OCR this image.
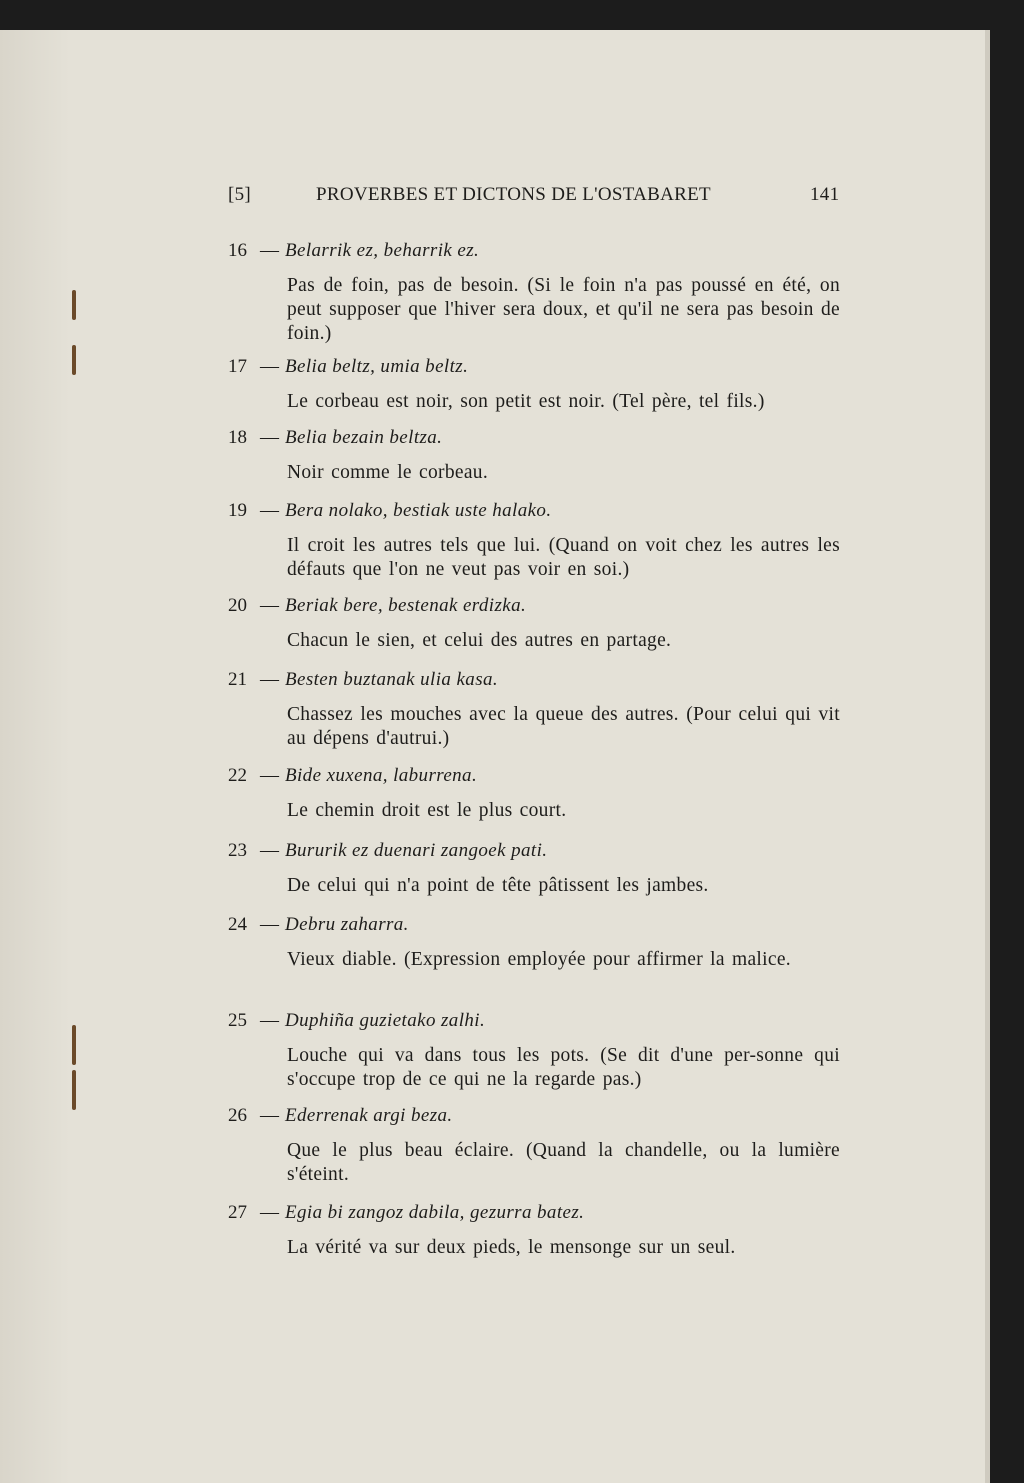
[5]	PROVERBES ET DICTONS DE L'OSTABARET	141
16 — Belarrik ez, beharrik ez.
Pas de foin, pas de besoin. (Si le foin n'a pas poussé en été, on peut supposer que l'hiver sera doux, et qu'il ne sera pas besoin de foin.)
17 — Belia beltz, umia beltz.
Le corbeau est noir, son petit est noir. (Tel père, tel fils.)
18 — Belia bezain beltza.
Noir comme le corbeau.
19 — Bera nolako, bestiak uste halako.
Il croit les autres tels que lui. (Quand on voit chez les autres les défauts que l'on ne veut pas voir en soi.)
20 — Beriak bere, bestenak erdizka.
Chacun le sien, et celui des autres en partage.
21 — Besten buztanak ulia kasa.
Chassez les mouches avec la queue des autres. (Pour celui qui vit au dépens d'autrui.)
22 — Bide xuxena, laburrena.
Le chemin droit est le plus court.
23 — Bururik ez duenari zangoek pati.
De celui qui n'a point de tête pâtissent les jambes.
24 — Debru zaharra.
Vieux diable. (Expression employée pour affirmer la malice.
25 — Duphiña guzietako zalhi.
Louche qui va dans tous les pots. (Se dit d'une per-sonne qui s'occupe trop de ce qui ne la regarde pas.)
26 — Ederrenak argi beza.
Que le plus beau éclaire. (Quand la chandelle, ou la lumière s'éteint.
27 — Egia bi zangoz dabila, gezurra batez.
La vérité va sur deux pieds, le mensonge sur un seul.
